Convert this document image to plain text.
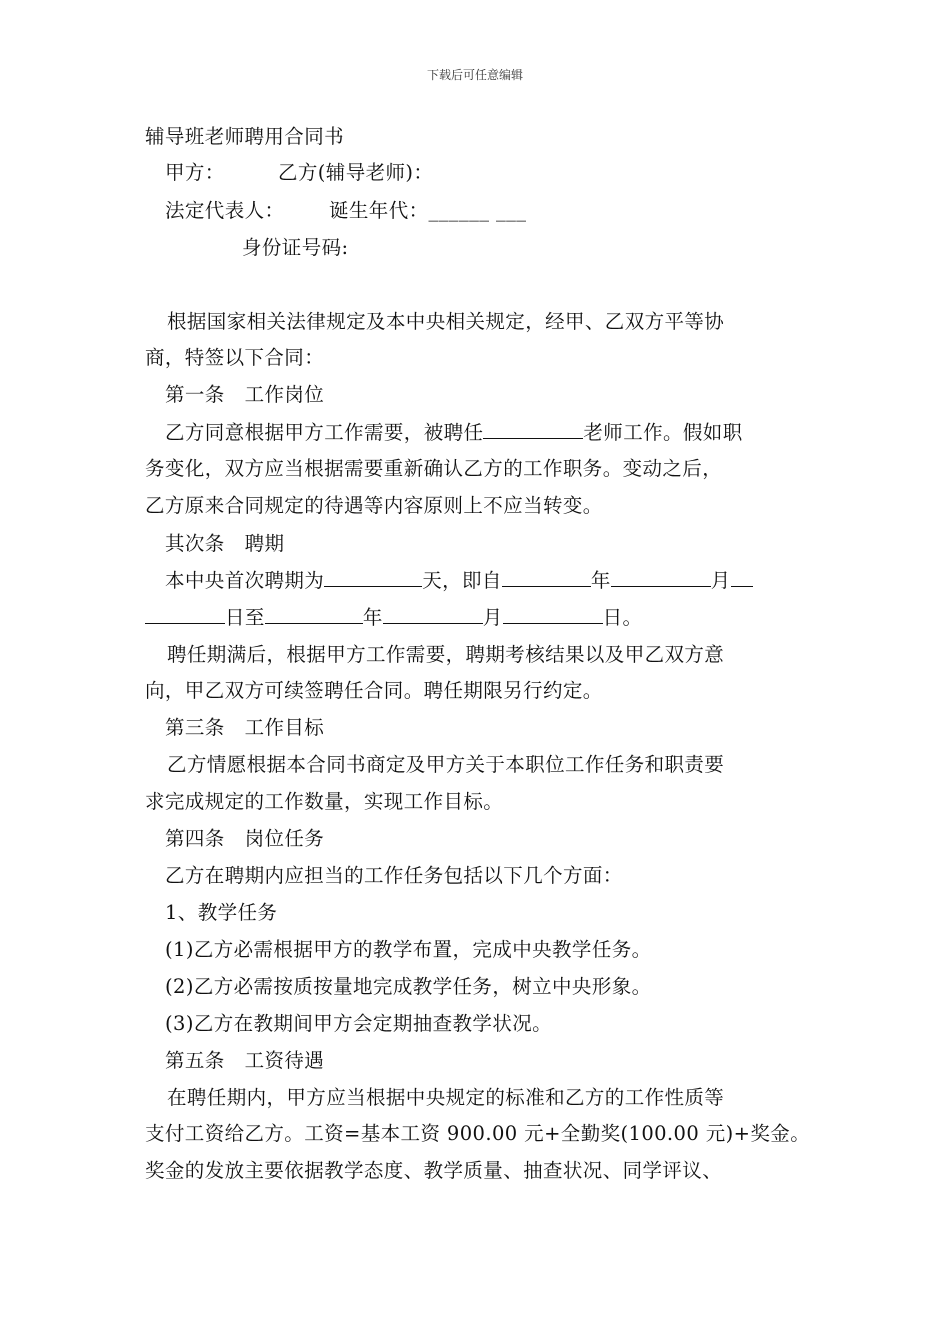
下载后可任意编辑
辅导班老师聘用合同书
甲方：	乙方(辅导老师)：
法定代表人： 诞生年代：______ ___
身份证号码:
根据国家相关法律规定及本中央相关规定，经甲、乙双方平等协
商，特签以下合同：
第一条　工作岗位
乙方同意根据甲方工作需要，被聘任	老师工作。假如职
务变化，双方应当根据需要重新确认乙方的工作职务。变动之后，
乙方原来合同规定的待遇等内容原则上不应当转变。
其次条　聘期
本中央首次聘期为	天，即自	年	月
日至	年	月	日。
聘任期满后，根据甲方工作需要，聘期考核结果以及甲乙双方意
向，甲乙双方可续签聘任合同。聘任期限另行约定。
第三条　工作目标
乙方情愿根据本合同书商定及甲方关于本职位工作任务和职责要
求完成规定的工作数量，实现工作目标。
第四条　岗位任务
乙方在聘期内应担当的工作任务包括以下几个方面：
1、教学任务
(1)乙方必需根据甲方的教学布置，完成中央教学任务。
(2)乙方必需按质按量地完成教学任务，树立中央形象。
(3)乙方在教期间甲方会定期抽查教学状况。
第五条　工资待遇
在聘任期内，甲方应当根据中央规定的标准和乙方的工作性质等
支付工资给乙方。工资=基本工资 900.00 元+全勤奖(100.00 元)+奖金。
奖金的发放主要依据教学态度、教学质量、抽查状况、同学评议、
